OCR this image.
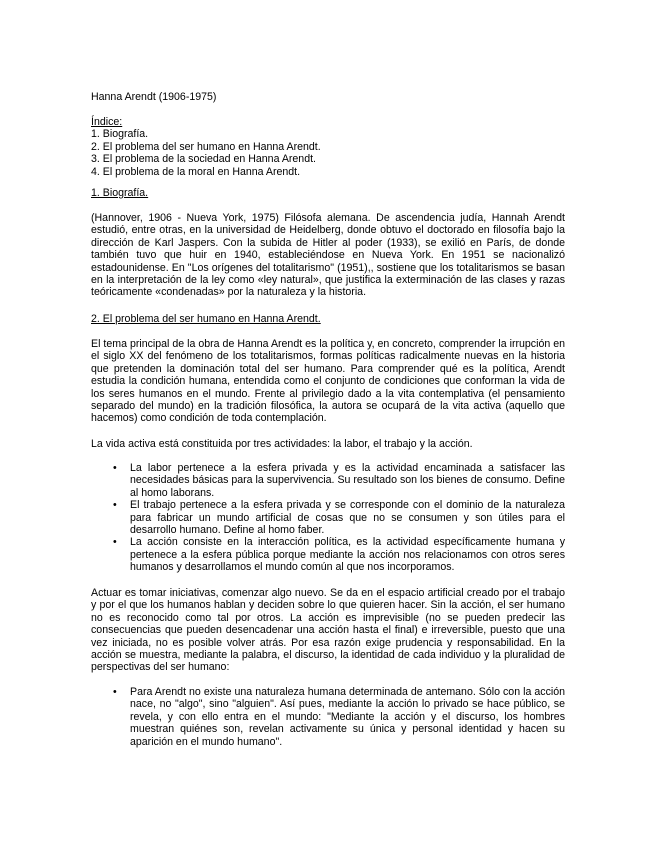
Hanna Arendt (1906-1975)

Índice:

1. Biografía.

2. El problema del ser humano en Hanna Arendt.

3. El problema de la sociedad en Hanna Arendt.

4. El problema de la moral en Hanna Arendt.

1. Biografía.
(Hannover, 1906 - Nueva York, 1975) Filósofa alemana. De ascendencia judía, Hannah Arendt estudió, entre otras, en la universidad de Heidelberg, donde obtuvo el doctorado en filosofía bajo la dirección de Karl Jaspers. Con la subida de Hitler al poder (1933), se exilió en París, de donde también tuvo que huir en 1940, estableciéndose en Nueva York. En 1951 se nacionalizó estadounidense. En "Los orígenes del totalitarismo" (1951),, sostiene que los totalitarismos se basan en la interpretación de la ley como «ley natural», que justifica la exterminación de las clases y razas teóricamente «condenadas» por la naturaleza y la historia.
2. El problema del ser humano en Hanna Arendt.
El tema principal de la obra de Hanna Arendt es la política y, en concreto, comprender la irrupción en el siglo XX del fenómeno de los totalitarismos, formas políticas radicalmente nuevas en la historia que pretenden la dominación total del ser humano. Para comprender qué es la política, Arendt estudia la condición humana, entendida como el conjunto de condiciones que conforman la vida de los seres humanos en el mundo. Frente al privilegio dado a la vita contemplativa (el pensamiento separado del mundo) en la tradición filosófica, la autora se ocupará de la vita activa (aquello que hacemos) como condición de toda contemplación.
La vida activa está constituida por tres actividades: la labor, el trabajo y la acción.
• La labor pertenece a la esfera privada y es la actividad encaminada a satisfacer las necesidades básicas para la supervivencia. Su resultado son los bienes de consumo. Define al homo laborans.
• El trabajo pertenece a la esfera privada y se corresponde con el dominio de la naturaleza para fabricar un mundo artificial de cosas que no se consumen y son útiles para el desarrollo humano. Define al homo faber.
• La acción consiste en la interacción política, es la actividad específicamente humana y pertenece a la esfera pública porque mediante la acción nos relacionamos con otros seres humanos y desarrollamos el mundo común al que nos incorporamos.
Actuar es tomar iniciativas, comenzar algo nuevo. Se da en el espacio artificial creado por el trabajo y por el que los humanos hablan y deciden sobre lo que quieren hacer. Sin la acción, el ser humano no es reconocido como tal por otros. La acción es imprevisible (no se pueden predecir las consecuencias que pueden desencadenar una acción hasta el final) e irreversible, puesto que una vez iniciada, no es posible volver atrás. Por esa razón exige prudencia y responsabilidad. En la acción se muestra, mediante la palabra, el discurso, la identidad de cada individuo y la pluralidad de perspectivas del ser humano:
• Para Arendt no existe una naturaleza humana determinada de antemano. Sólo con la acción nace, no "algo", sino "alguien". Así pues, mediante la acción lo privado se hace público, se revela, y con ello entra en el mundo: "Mediante la acción y el discurso, los hombres muestran quiénes son, revelan activamente su única y personal identidad y hacen su aparición en el mundo humano".
